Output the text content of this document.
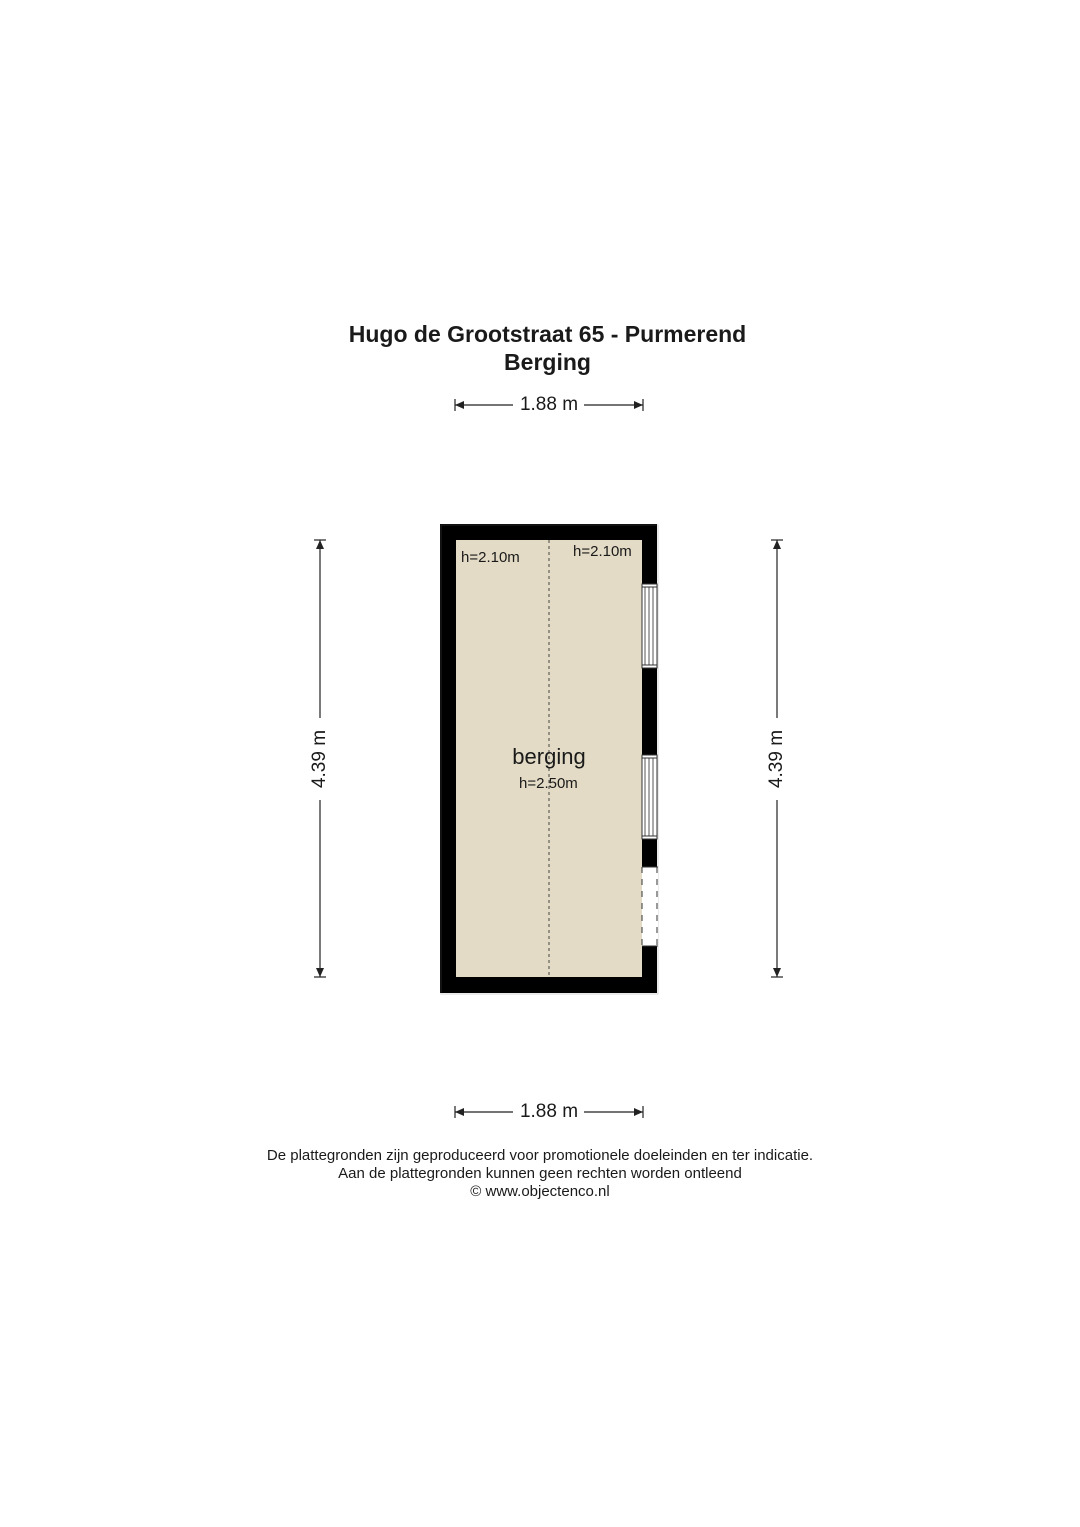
Hugo de Grootstraat 65 - Purmerend
Berging
1.88 m
1.88 m
4.39 m	4.39 m
h=2.10m	h=2.10m
berging
h=2.50m
De plattegronden zijn geproduceerd voor promotionele doeleinden en ter indicatie.
Aan de plattegronden kunnen geen rechten worden ontleend
© www.objectenco.nl
